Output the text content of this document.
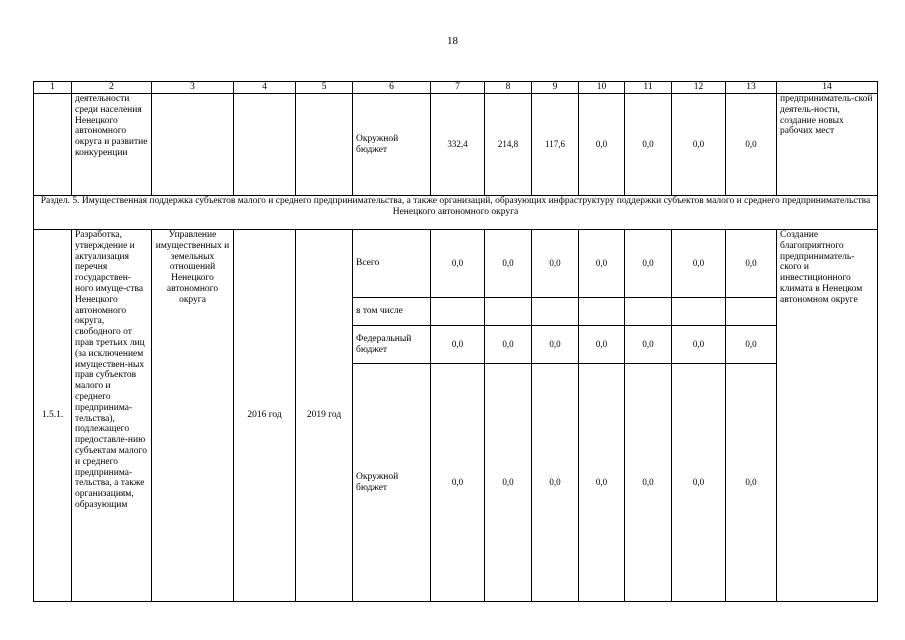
18
1	2	3	4	5	6	7	8	9	10	11	12	13	14
	деятельности среди населения Ненецкого автономного округа и развитие конкуренции				Окружной бюджет	332,4	214,8	117,6	0,0	0,0	0,0	0,0	предприниматель-ской деятель-ности, создание новых рабочих мест
Раздел. 5. Имущественная поддержка субъектов малого и среднего предпринимательства, а также организаций, образующих инфраструктуру поддержки субъектов малого и среднего предпринимательства Ненецкого автономного округа													
1.5.1.	Разработка, утверждение и актуализация перечня государствен-ного имуще-ства Ненецкого автономного округа, свободного от прав третьих лиц (за исключением имуществен-ных прав субъектов малого и среднего предпринима-тельства), подлежащего предоставле-нию субъектам малого и среднего предпринима-тельства, а также организациям, образующим	Управление имущественных и земельных отношений Ненецкого автономного округа	2016 год	2019 год	Всего	0,0	0,0	0,0	0,0	0,0	0,0	0,0	Создание благоприятного предприниматель-ского и инвестиционного климата в Ненецком автономном округе
					в том числе								
					Федеральный бюджет	0,0	0,0	0,0	0,0	0,0	0,0	0,0	
					Окружной бюджет	0,0	0,0	0,0	0,0	0,0	0,0	0,0	
